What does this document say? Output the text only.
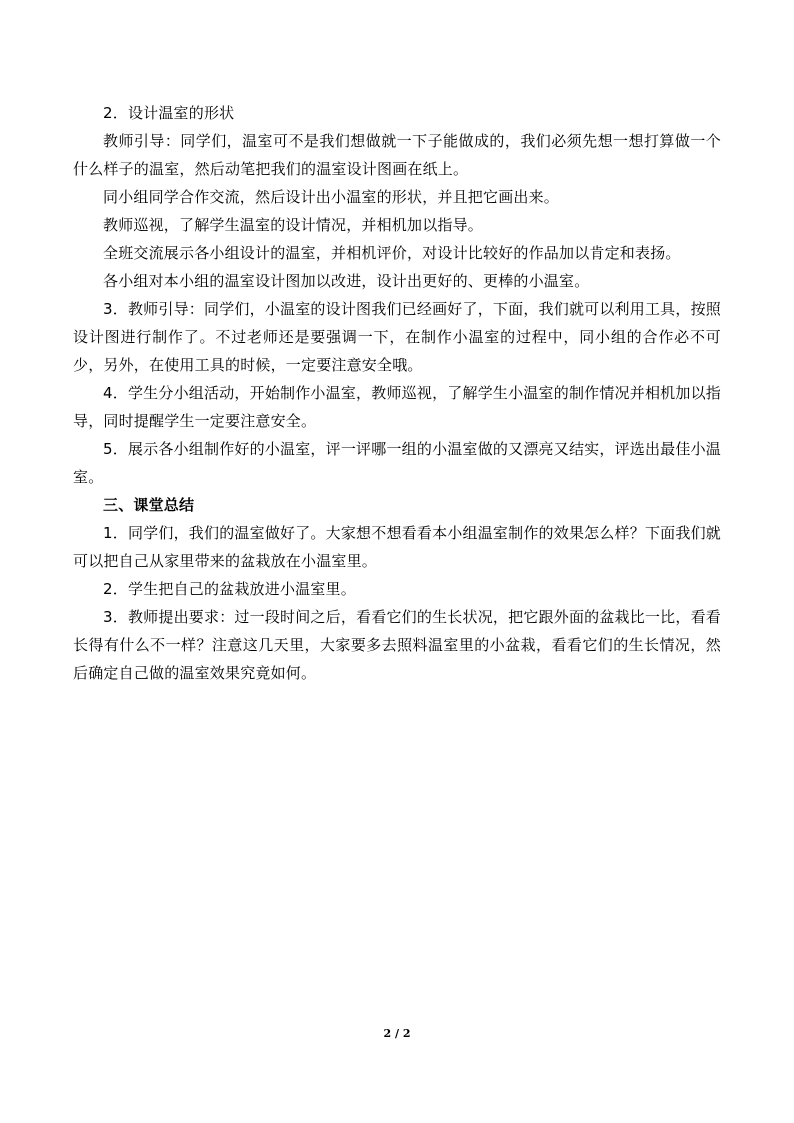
2．设计温室的形状

教师引导：同学们，温室可不是我们想做就一下子能做成的，我们必须先想一想打算做一个什么样子的温室，然后动笔把我们的温室设计图画在纸上。

同小组同学合作交流，然后设计出小温室的形状，并且把它画出来。

教师巡视，了解学生温室的设计情况，并相机加以指导。

全班交流展示各小组设计的温室，并相机评价，对设计比较好的作品加以肯定和表扬。

各小组对本小组的温室设计图加以改进，设计出更好的、更棒的小温室。

3．教师引导：同学们，小温室的设计图我们已经画好了，下面，我们就可以利用工具，按照设计图进行制作了。不过老师还是要强调一下，在制作小温室的过程中，同小组的合作必不可少，另外，在使用工具的时候，一定要注意安全哦。

4．学生分小组活动，开始制作小温室，教师巡视，了解学生小温室的制作情况并相机加以指导，同时提醒学生一定要注意安全。

5．展示各小组制作好的小温室，评一评哪一组的小温室做的又漂亮又结实，评选出最佳小温室。

三、课堂总结

1．同学们，我们的温室做好了。大家想不想看看本小组温室制作的效果怎么样？下面我们就可以把自己从家里带来的盆栽放在小温室里。

2．学生把自己的盆栽放进小温室里。

3．教师提出要求：过一段时间之后，看看它们的生长状况，把它跟外面的盆栽比一比，看看长得有什么不一样？注意这几天里，大家要多去照料温室里的小盆栽，看看它们的生长情况，然后确定自己做的温室效果究竟如何。

2 / 2
